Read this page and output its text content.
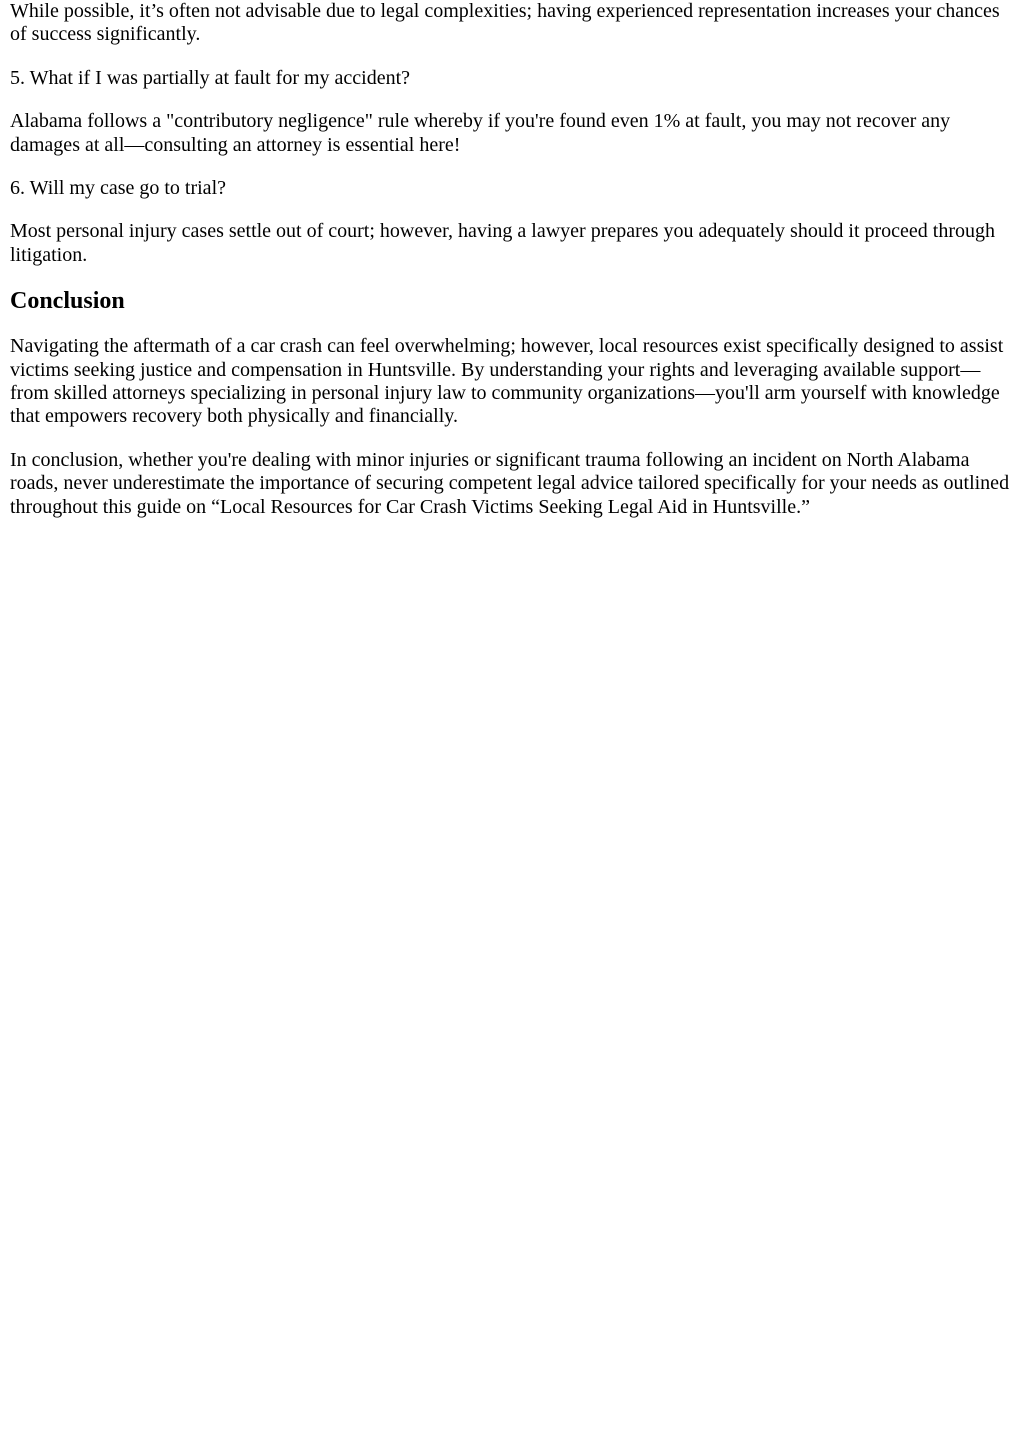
While possible, it’s often not advisable due to legal complexities; having experienced representation increases your chances of success significantly.

5. What if I was partially at fault for my accident?

Alabama follows a "contributory negligence" rule whereby if you're found even 1% at fault, you may not recover any damages at all—consulting an attorney is essential here!

6. Will my case go to trial?

Most personal injury cases settle out of court; however, having a lawyer prepares you adequately should it proceed through litigation.

Conclusion

Navigating the aftermath of a car crash can feel overwhelming; however, local resources exist specifically designed to assist victims seeking justice and compensation in Huntsville. By understanding your rights and leveraging available support—from skilled attorneys specializing in personal injury law to community organizations—you'll arm yourself with knowledge that empowers recovery both physically and financially.

In conclusion, whether you're dealing with minor injuries or significant trauma following an incident on North Alabama roads, never underestimate the importance of securing competent legal advice tailored specifically for your needs as outlined throughout this guide on “Local Resources for Car Crash Victims Seeking Legal Aid in Huntsville.”
